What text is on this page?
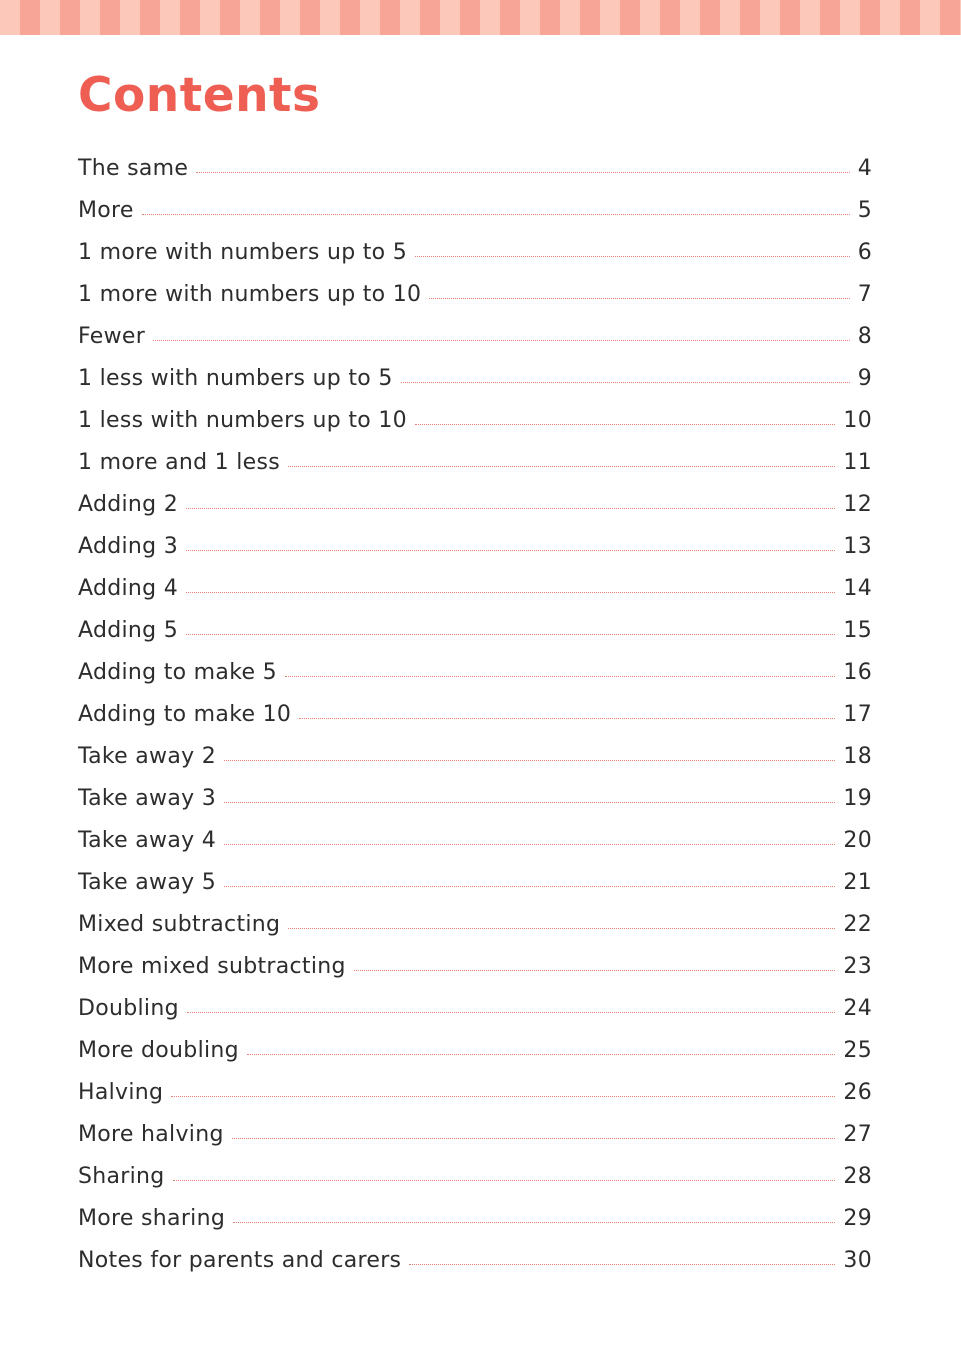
Contents
The same	4
More	5
1 more with numbers up to 5	6
1 more with numbers up to 10	7
Fewer	8
1 less with numbers up to 5	9
1 less with numbers up to 10	10
1 more and 1 less	11
Adding 2	12
Adding 3	13
Adding 4	14
Adding 5	15
Adding to make 5	16
Adding to make 10	17
Take away 2	18
Take away 3	19
Take away 4	20
Take away 5	21
Mixed subtracting	22
More mixed subtracting	23
Doubling	24
More doubling	25
Halving	26
More halving	27
Sharing	28
More sharing	29
Notes for parents and carers	30
